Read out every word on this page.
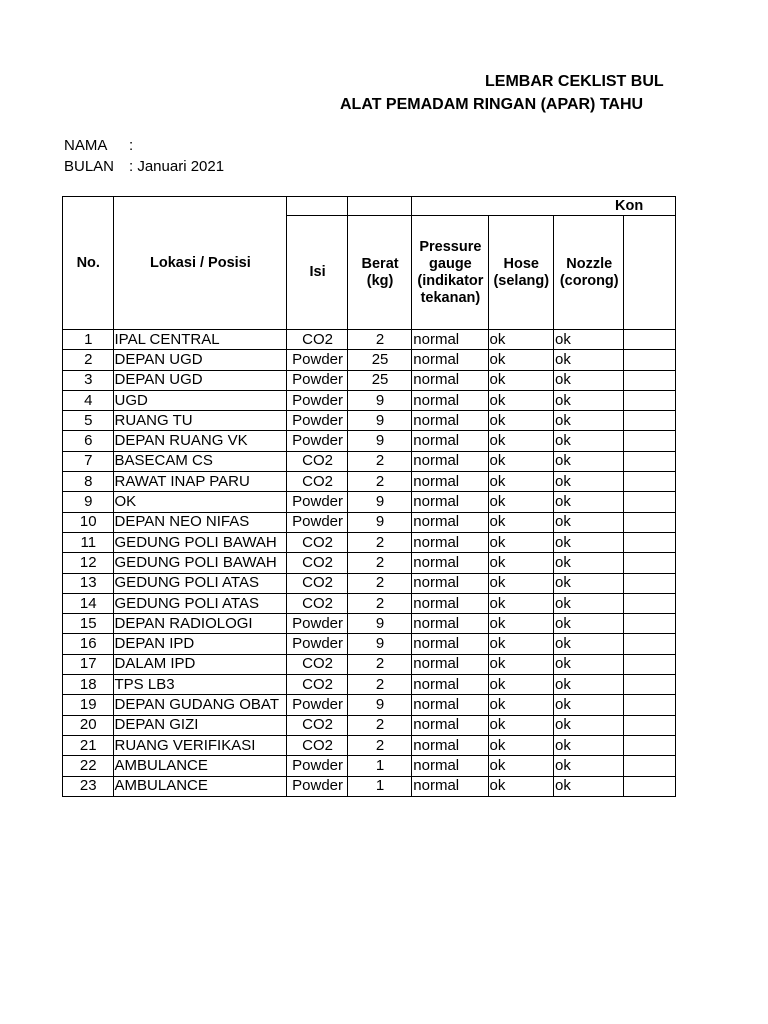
LEMBAR CEKLIST BUL
ALAT PEMADAM RINGAN (APAR) TAHU
NAMA :
BULAN : Januari 2021
No.	Lokasi / Posisi			Kon			
		Isi	Berat (kg)	Pressure gauge (indikator tekanan)	Hose (selang)	Nozzle (corong)	
1	IPAL CENTRAL	CO2	2	normal	ok	ok	
2	DEPAN UGD	Powder	25	normal	ok	ok	
3	DEPAN UGD	Powder	25	normal	ok	ok	
4	UGD	Powder	9	normal	ok	ok	
5	RUANG TU	Powder	9	normal	ok	ok	
6	DEPAN RUANG VK	Powder	9	normal	ok	ok	
7	BASECAM CS	CO2	2	normal	ok	ok	
8	RAWAT INAP PARU	CO2	2	normal	ok	ok	
9	OK	Powder	9	normal	ok	ok	
10	DEPAN NEO NIFAS	Powder	9	normal	ok	ok	
11	GEDUNG POLI BAWAH	CO2	2	normal	ok	ok	
12	GEDUNG POLI BAWAH	CO2	2	normal	ok	ok	
13	GEDUNG POLI ATAS	CO2	2	normal	ok	ok	
14	GEDUNG POLI ATAS	CO2	2	normal	ok	ok	
15	DEPAN RADIOLOGI	Powder	9	normal	ok	ok	
16	DEPAN IPD	Powder	9	normal	ok	ok	
17	DALAM IPD	CO2	2	normal	ok	ok	
18	TPS LB3	CO2	2	normal	ok	ok	
19	DEPAN GUDANG OBAT	Powder	9	normal	ok	ok	
20	DEPAN GIZI	CO2	2	normal	ok	ok	
21	RUANG VERIFIKASI	CO2	2	normal	ok	ok	
22	AMBULANCE	Powder	1	normal	ok	ok	
23	AMBULANCE	Powder	1	normal	ok	ok	
